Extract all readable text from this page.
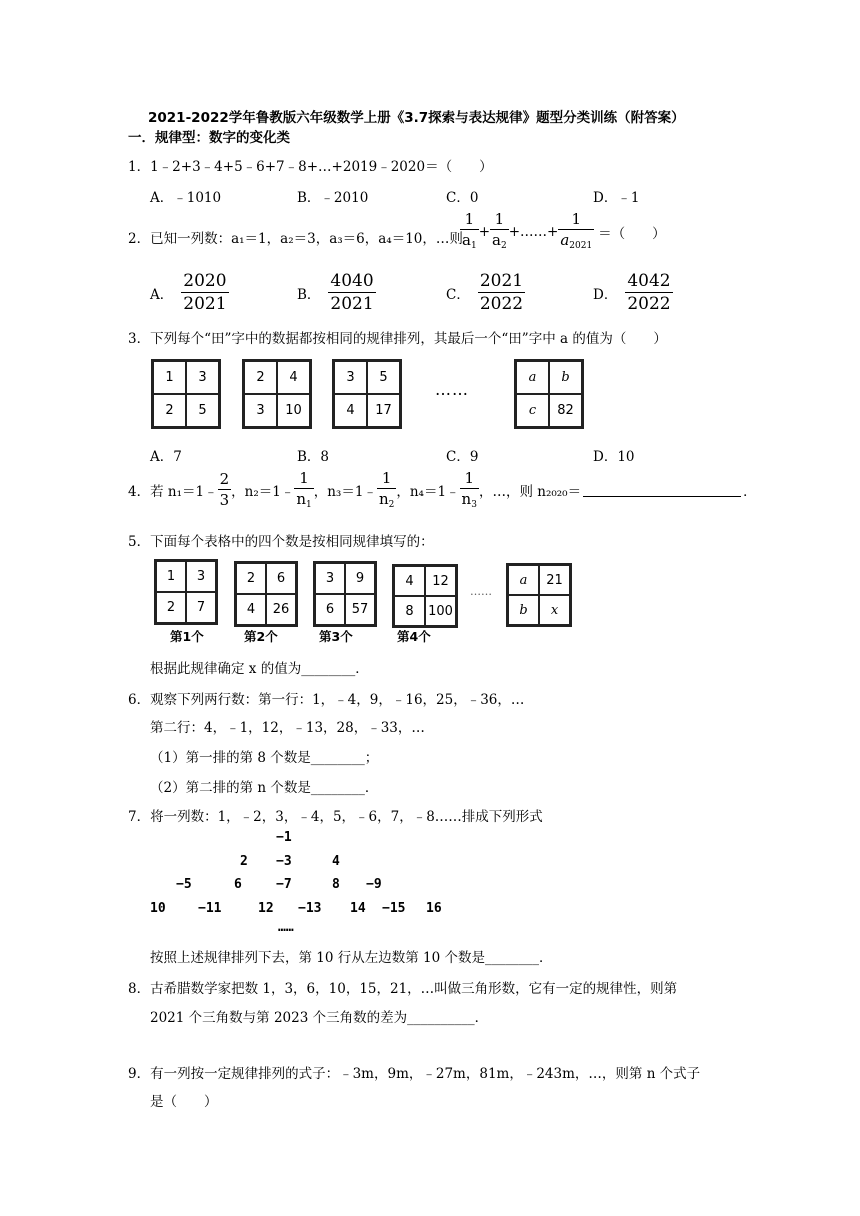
2021-2022学年鲁教版六年级数学上册《3.7探索与表达规律》题型分类训练（附答案）
一．规律型：数字的变化类
1．1﹣2+3﹣4+5﹣6+7﹣8+…+2019﹣2020＝（　　）
A．﹣1010	B．﹣2010	C．0	D．﹣1
2．已知一列数：a₁＝1，a₂＝3，a₃＝6，a₄＝10，…则
$\frac{1}{a_1} + \frac{1}{a_2}$ +……+ $\frac{1}{a_{2021}}$ ＝（　　）
A． $\frac{2020}{2021}$	B． $\frac{4040}{2021}$	C． $\frac{2021}{2022}$	D． $\frac{4042}{2022}$
3．下列每个“田”字中的数据都按相同的规律排列，其最后一个“田”字中 a 的值为（　　）
1	3
2	5
2	4
3	10
3	5
4	17
……
a	b
c	82
A．7	B．8	C．9	D．10
4．若 n₁＝1﹣ $\frac{2}{3}$ ，n₂＝1﹣ $\frac{1}{n_1}$ ，n₃＝1﹣ $\frac{1}{n_2}$ ，n₄＝1﹣ $\frac{1}{n_3}$ ，…，则 n₂₀₂₀＝	．
5．下面每个表格中的四个数是按相同规律填写的：
1	3
2	7
2	6
4	26
3	9
6	57
4	12
8	100
……
a	21
b	x
第1个	第2个	第3个	第4个
根据此规律确定 x 的值为________．
6．观察下列两行数：第一行：1，﹣4，9，﹣16，25，﹣36，…
第二行：4，﹣1，12，﹣13，28，﹣33，…
（1）第一排的第 8 个数是________；
（2）第二排的第 n 个数是________．
7．将一列数：1，﹣2，3，﹣4，5，﹣6，7，﹣8……排成下列形式
−1
2 −3	4
−5	6	−7	8 −9
10 −11	12 −13 14 −15 16
……
按照上述规律排列下去，第 10 行从左边数第 10 个数是________．
8．古希腊数学家把数 1，3，6，10，15，21，…叫做三角形数，它有一定的规律性，则第
2021 个三角数与第 2023 个三角数的差为__________．
9．有一列按一定规律排列的式子：﹣3m，9m，﹣27m，81m，﹣243m，…，则第 n 个式子
是（　　）
